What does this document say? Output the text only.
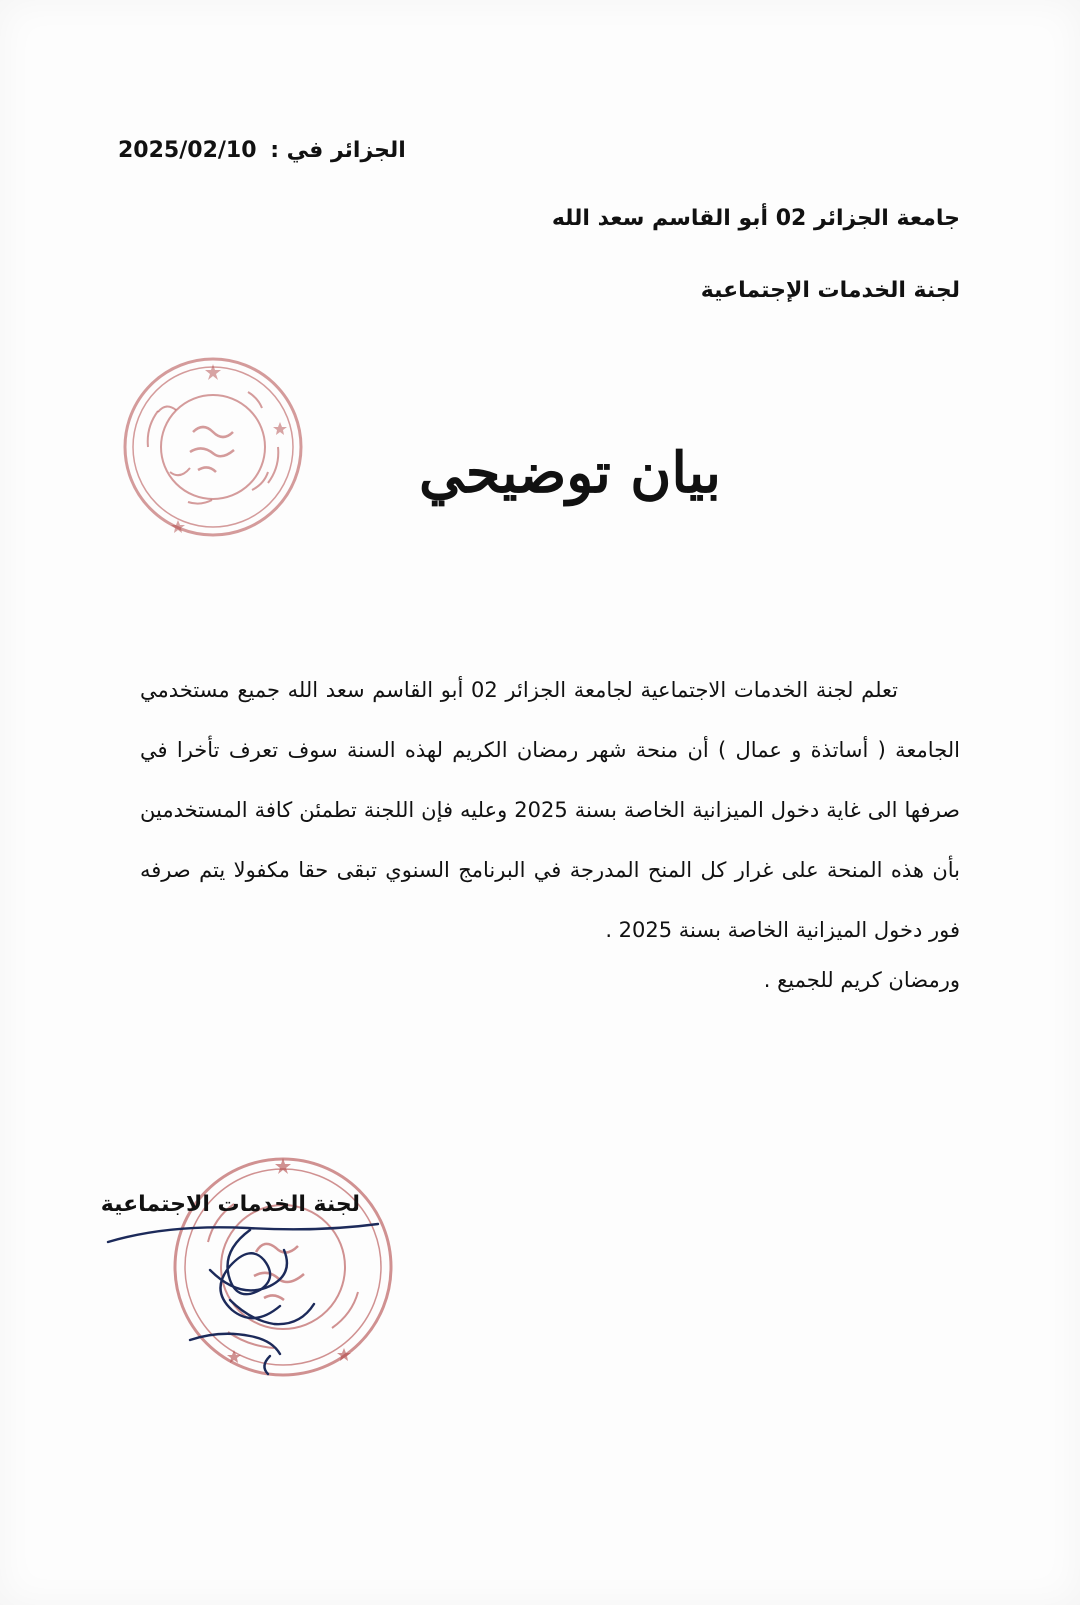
الجزائر في : 2025/02/10
جامعة الجزائر 02 أبو القاسم سعد الله
لجنة الخدمات الإجتماعية
بيان توضيحي
تعلم لجنة الخدمات الاجتماعية لجامعة الجزائر 02 أبو القاسم سعد الله جميع مستخدمي الجامعة ( أساتذة و عمال ) أن منحة شهر رمضان الكريم لهذه السنة سوف تعرف تأخرا في صرفها الى غاية دخول الميزانية الخاصة بسنة 2025 وعليه فإن اللجنة تطمئن كافة المستخدمين بأن هذه المنحة على غرار كل المنح المدرجة في البرنامج السنوي تبقى حقا مكفولا يتم صرفه فور دخول الميزانية الخاصة بسنة 2025 .
ورمضان كريم للجميع .
لجنة الخدمات الاجتماعية
